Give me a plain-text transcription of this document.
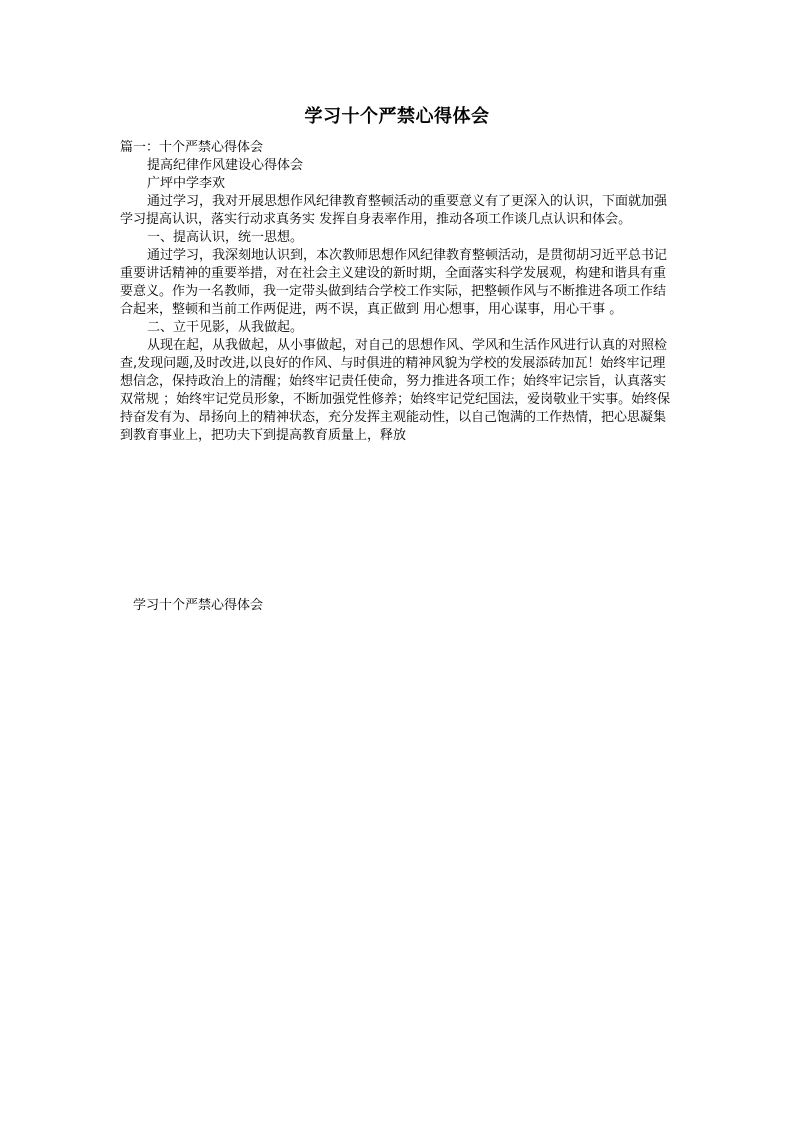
学习十个严禁心得体会

篇一：十个严禁心得体会

提高纪律作风建设心得体会

广坪中学李欢

通过学习，我对开展思想作风纪律教育整顿活动的重要意义有了更深入的认识，下面就加强学习提高认识，落实行动求真务实 发挥自身表率作用，推动各项工作谈几点认识和体会。

一、提高认识，统一思想。

通过学习，我深刻地认识到，本次教师思想作风纪律教育整顿活动，是贯彻胡习近平总书记重要讲话精神的重要举措，对在社会主义建设的新时期，全面落实科学发展观，构建和谐具有重要意义。作为一名教师，我一定带头做到结合学校工作实际，把整顿作风与不断推进各项工作结合起来，整顿和当前工作两促进，两不误，真正做到 用心想事，用心谋事，用心干事 。

二、立干见影，从我做起。

从现在起，从我做起，从小事做起，对自己的思想作风、学风和生活作风进行认真的对照检查,发现问题,及时改进,以良好的作风、与时俱进的精神风貌为学校的发展添砖加瓦！始终牢记理想信念，保持政治上的清醒；始终牢记责任使命，努力推进各项工作；始终牢记宗旨，认真落实 双常规 ；始终牢记党员形象，不断加强党性修养；始终牢记党纪国法，爱岗敬业干实事。始终保持奋发有为、昂扬向上的精神状态，充分发挥主观能动性，以自己饱满的工作热情，把心思凝集到教育事业上，把功夫下到提高教育质量上，释放

学习十个严禁心得体会
